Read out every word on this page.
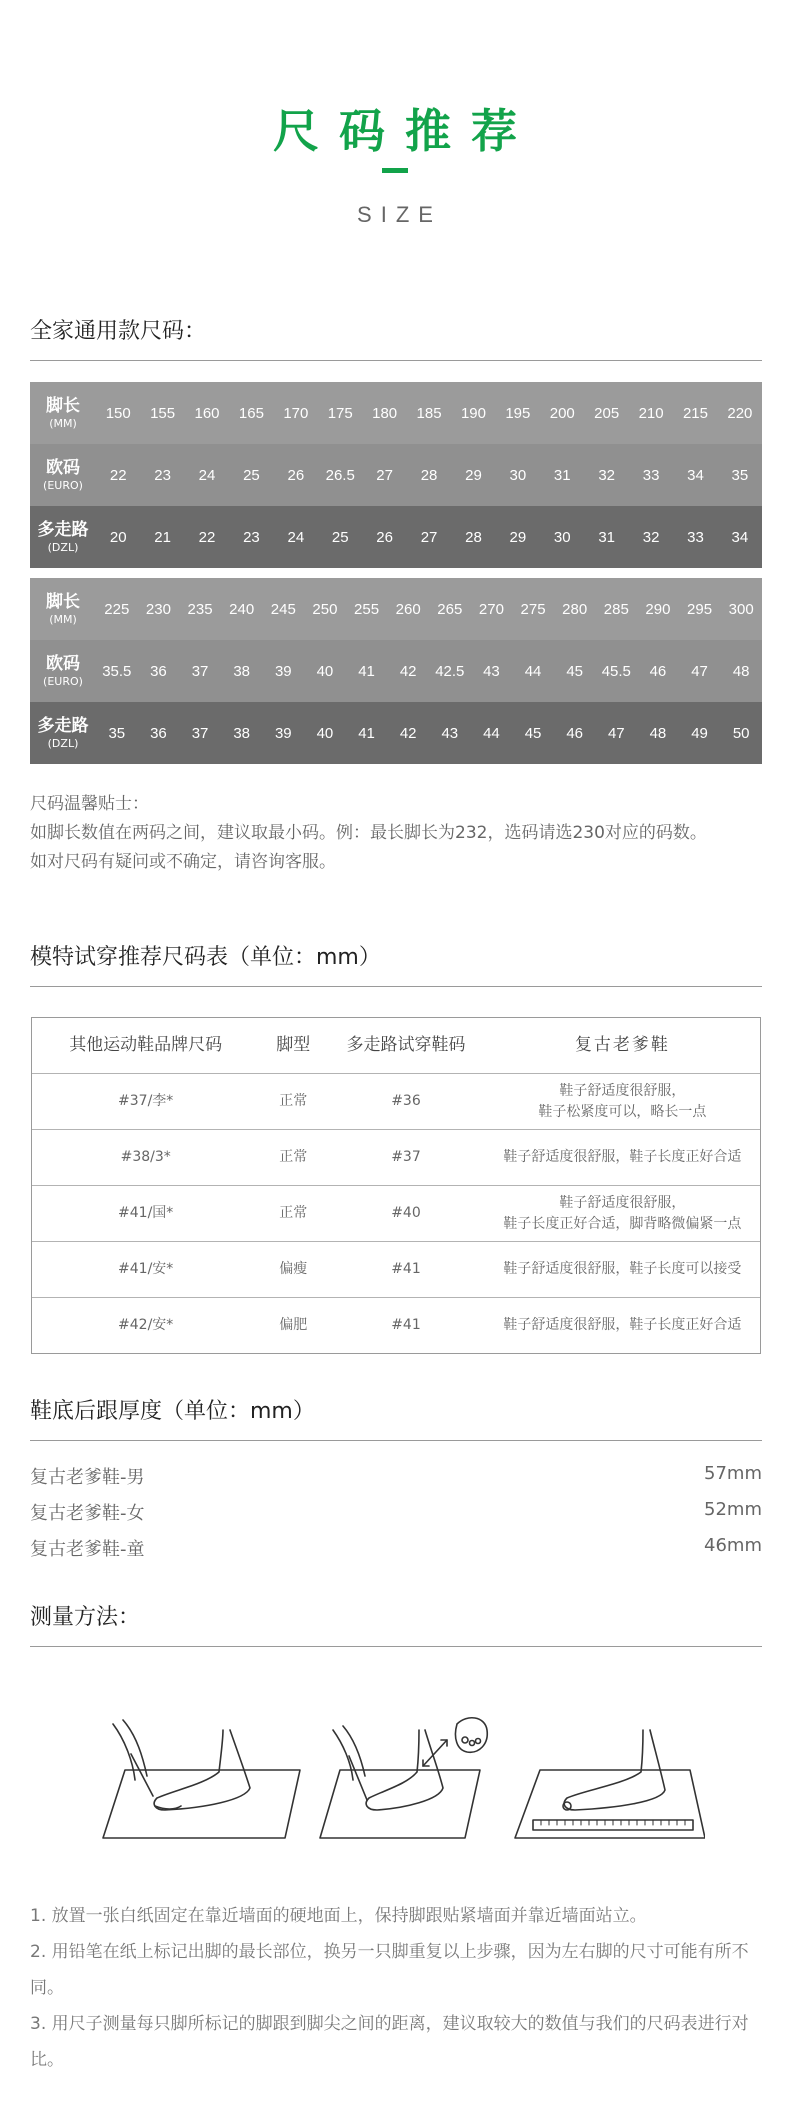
尺码推荐
SIZE
全家通用款尺码：
脚长
(MM)
150	155	160	165	170	175	180	185	190	195	200	205	210	215	220
欧码
(EURO)
22	23	24	25	26	26.5	27	28	29	30	31	32	33	34	35
多走路
(DZL)
20	21	22	23	24	25	26	27	28	29	30	31	32	33	34
脚长
(MM)
225	230	235	240	245	250	255	260	265	270	275	280	285	290	295	300
欧码
(EURO)
35.5	36	37	38	39	40	41	42	42.5	43	44	45	45.5	46	47	48
多走路
(DZL)
35	36	37	38	39	40	41	42	43	44	45	46	47	48	49	50
尺码温馨贴士：
如脚长数值在两码之间，建议取最小码。例：最长脚长为232，选码请选230对应的码数。
如对尺码有疑问或不确定，请咨询客服。
模特试穿推荐尺码表（单位：mm）
其他运动鞋品牌尺码	脚型	多走路试穿鞋码	复古老爹鞋
#37/李*	正常	#36
鞋子舒适度很舒服，
鞋子松紧度可以，略长一点
#38/3*	正常	#37	鞋子舒适度很舒服，鞋子长度正好合适
#41/国*	正常	#40
鞋子舒适度很舒服，
鞋子长度正好合适，脚背略微偏紧一点
#41/安*	偏瘦	#41	鞋子舒适度很舒服，鞋子长度可以接受
#42/安*	偏肥	#41	鞋子舒适度很舒服，鞋子长度正好合适
鞋底后跟厚度（单位：mm）
复古老爹鞋-男	57mm
复古老爹鞋-女	52mm
复古老爹鞋-童	46mm
测量方法：
1. 放置一张白纸固定在靠近墙面的硬地面上，保持脚跟贴紧墙面并靠近墙面站立。
2. 用铅笔在纸上标记出脚的最长部位，换另一只脚重复以上步骤，因为左右脚的尺寸可能有所不同。
3. 用尺子测量每只脚所标记的脚跟到脚尖之间的距离，建议取较大的数值与我们的尺码表进行对比。
